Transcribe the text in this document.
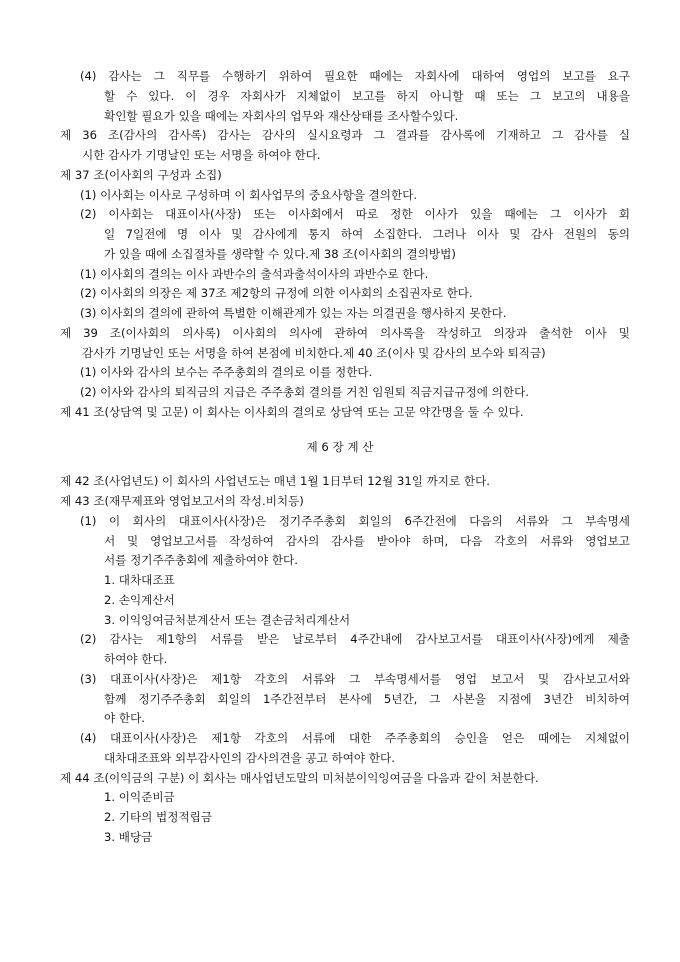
(4) 감사는 그 직무를 수행하기 위하여 필요한 때에는 자회사에 대하여 영업의 보고를 요구
할 수 있다. 이 경우 자회사가 지체없이 보고를 하지 아니할 때 또는 그 보고의 내용을
확인할 필요가 있을 때에는 자회사의 업무와 재산상태를 조사할수있다.
제 36 조(감사의 감사록) 감사는 감사의 실시요령과 그 결과를 감사록에 기재하고 그 감사를 실
시한 감사가 기명날인 또는 서명을 하여야 한다.
제 37 조(이사회의 구성과 소집)
(1) 이사회는 이사로 구성하며 이 회사업무의 중요사항을 결의한다.
(2) 이사회는 대표이사(사장) 또는 이사회에서 따로 정한 이사가 있을 때에는 그 이사가 회
일 7일전에 명 이사 및 감사에게 통지 하여 소집한다. 그러나 이사 및 감사 전원의 동의
가 있을 때에 소집절차를 생략할 수 있다.제 38 조(이사회의 결의방법)
(1) 이사회의 결의는 이사 과반수의 출석과출석이사의 과반수로 한다.
(2) 이사회의 의장은 제 37조 제2항의 규정에 의한 이사회의 소집권자로 한다.
(3) 이사회의 결의에 관하여 특별한 이해관계가 있는 자는 의결권을 행사하지 못한다.
제 39 조(이사회의 의사록) 이사회의 의사에 관하여 의사록을 작성하고 의장과 출석한 이사 및
감사가 기명날인 또는 서명을 하여 본점에 비치한다.제 40 조(이사 및 감사의 보수와 퇴직금)
(1) 이사와 감사의 보수는 주주총회의 결의로 이를 정한다.
(2) 이사와 감사의 퇴직금의 지급은 주주총회 결의를 거친 임원퇴 직금지급규정에 의한다.
제 41 조(상담역 및 고문) 이 회사는 이사회의 결의로 상담역 또는 고문 약간명을 둘 수 있다.
제 6 장 계 산
제 42 조(사업년도) 이 회사의 사업년도는 매년 1월 1日부터 12월 31일 까지로 한다.
제 43 조(재무제표와 영업보고서의 작성.비치등)
(1) 이 회사의 대표이사(사장)은 정기주주총회 회일의 6주간전에 다음의 서류와 그 부속명세
서 및 영업보고서를 작성하여 감사의 감사를 받아야 하며, 다음 각호의 서류와 영업보고
서를 정기주주총회에 제출하여야 한다.
1. 대차대조표
2. 손익계산서
3. 이익잉여금처분계산서 또는 결손금처리계산서
(2) 감사는 제1항의 서류를 받은 날로부터 4주간내에 감사보고서를 대표이사(사장)에게 제출
하여야 한다.
(3) 대표이사(사장)은 제1항 각호의 서류와 그 부속명세서를 영업 보고서 및 감사보고서와
함께 정기주주총회 회일의 1주간전부터 본사에 5년간, 그 사본을 지점에 3년간 비치하여
야 한다.
(4) 대표이사(사장)은 제1항 각호의 서류에 대한 주주총회의 승인을 얻은 때에는 지체없이
대차대조표와 외부감사인의 감사의견을 공고 하여야 한다.
제 44 조(이익금의 구분) 이 회사는 매사업년도말의 미처분이익잉여금을 다음과 같이 처분한다.
1. 이익준비금
2. 기타의 법정적립금
3. 배당금
